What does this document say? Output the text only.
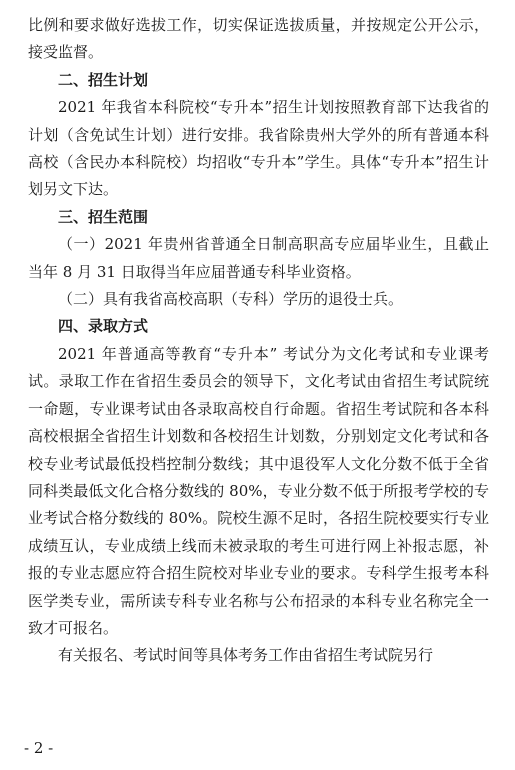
比例和要求做好选拔工作，切实保证选拔质量，并按规定公开公示，接受监督。

二、招生计划

2021 年我省本科院校“专升本”招生计划按照教育部下达我省的计划（含免试生计划）进行安排。我省除贵州大学外的所有普通本科高校（含民办本科院校）均招收“专升本”学生。具体“专升本”招生计划另文下达。

三、招生范围

（一）2021 年贵州省普通全日制高职高专应届毕业生，且截止当年 8 月 31 日取得当年应届普通专科毕业资格。

（二）具有我省高校高职（专科）学历的退役士兵。

四、录取方式

2021 年普通高等教育“专升本” 考试分为文化考试和专业课考试。录取工作在省招生委员会的领导下，文化考试由省招生考试院统一命题，专业课考试由各录取高校自行命题。省招生考试院和各本科高校根据全省招生计划数和各校招生计划数，分别划定文化考试和各校专业考试最低投档控制分数线；其中退役军人文化分数不低于全省同科类最低文化合格分数线的 80%，专业分数不低于所报考学校的专业考试合格分数线的 80%。院校生源不足时，各招生院校要实行专业成绩互认，专业成绩上线而未被录取的考生可进行网上补报志愿，补报的专业志愿应符合招生院校对毕业专业的要求。专科学生报考本科医学类专业，需所读专科专业名称与公布招录的本科专业名称完全一致才可报名。

有关报名、考试时间等具体考务工作由省招生考试院另行

- 2 -
